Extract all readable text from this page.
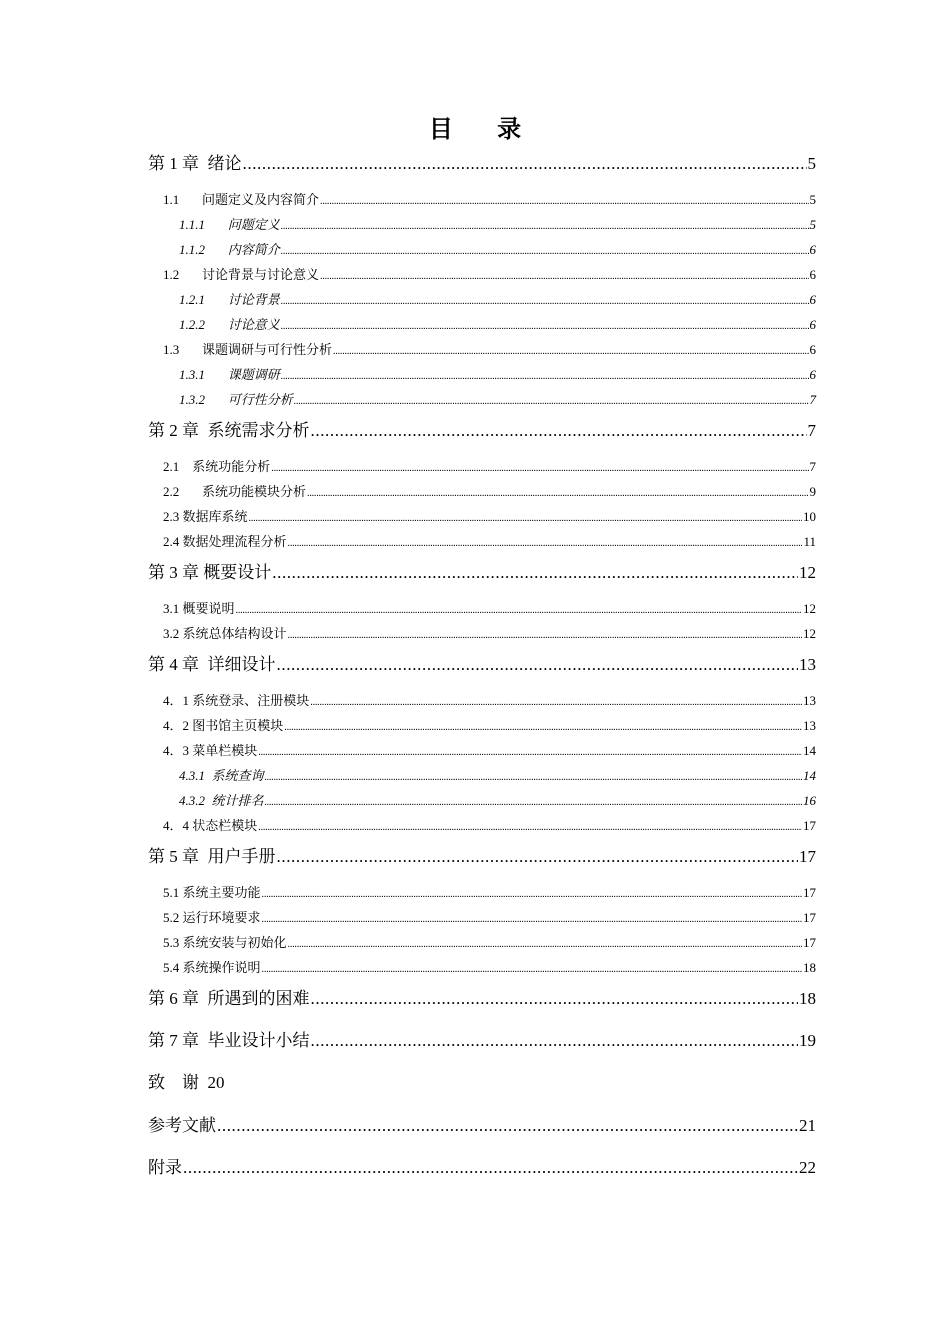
目 录
第 1 章  绪论 .....	5
1.1       问题定义及内容简介 .....	5
1.1.1       问题定义 .....	5
1.1.2       内容简介 .....	6
1.2       讨论背景与讨论意义 .....	6
1.2.1       讨论背景 .....	6
1.2.2       讨论意义 .....	6
1.3       课题调研与可行性分析 .....	6
1.3.1       课题调研 .....	6
1.3.2       可行性分析 .....	7
第 2 章  系统需求分析 .....	7
2.1    系统功能分析 .....	7
2.2       系统功能模块分析 .....	9
2.3 数据库系统 .....	10
2.4 数据处理流程分析 .....	11
第 3 章 概要设计 .....	12
3.1 概要说明 .....	12
3.2 系统总体结构设计 .....	12
第 4 章  详细设计 .....	13
4．1 系统登录、注册模块 .....	13
4．2 图书馆主页模块 .....	13
4．3 菜单栏模块 .....	14
4.3.1  系统查询 .....	14
4.3.2  统计排名 .....	16
4．4 状态栏模块 .....	17
第 5 章  用户手册 .....	17
5.1 系统主要功能 .....	17
5.2 运行环境要求 .....	17
5.3 系统安装与初始化 .....	17
5.4 系统操作说明 .....	18
第 6 章  所遇到的困难 .....	18
第 7 章  毕业设计小结 .....	19
致    谢  20
参考文献 .....	21
附录 .....	22
